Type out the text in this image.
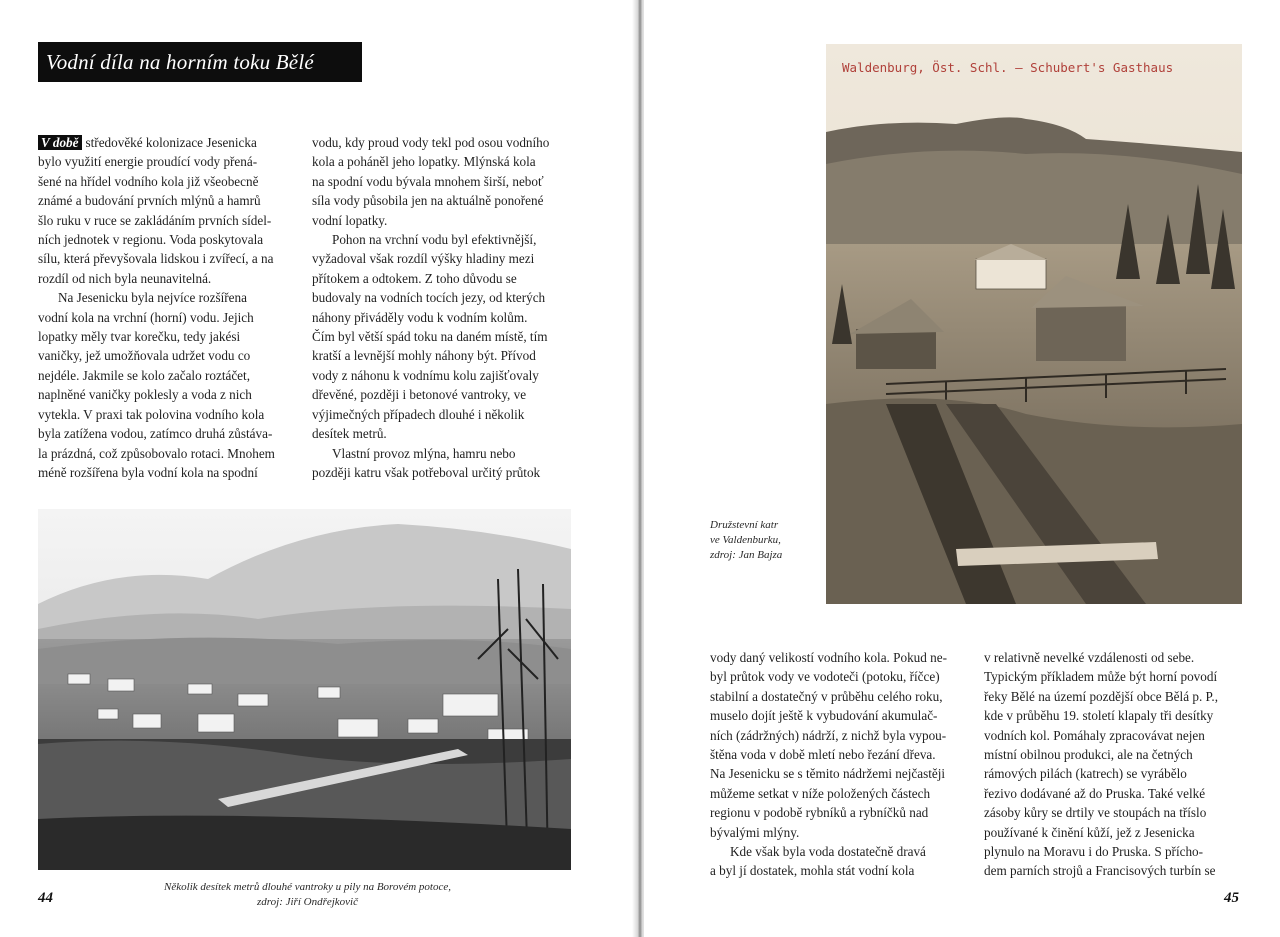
Vodní díla na horním toku Bělé

V době středověké kolonizace Jesenicka
bylo využití energie proudící vody přená-
šené na hřídel vodního kola již všeobecně
známé a budování prvních mlýnů a hamrů
šlo ruku v ruce se zakládáním prvních sídel-
ních jednotek v regionu. Voda poskytovala
sílu, která převyšovala lidskou i zvířecí, a na
rozdíl od nich byla neunavitelná.

Na Jesenicku byla nejvíce rozšířena
vodní kola na vrchní (horní) vodu. Jejich
lopatky měly tvar korečku, tedy jakési
vaničky, jež umožňovala udržet vodu co
nejdéle. Jakmile se kolo začalo roztáčet,
naplněné vaničky poklesly a voda z nich
vytekla. V praxi tak polovina vodního kola
byla zatížena vodou, zatímco druhá zůstáva-
la prázdná, což způsobovalo rotaci. Mnohem
méně rozšířena byla vodní kola na spodní

vodu, kdy proud vody tekl pod osou vodního
kola a poháněl jeho lopatky. Mlýnská kola
na spodní vodu bývala mnohem širší, neboť
síla vody působila jen na aktuálně ponořené
vodní lopatky.

Pohon na vrchní vodu byl efektivnější,
vyžadoval však rozdíl výšky hladiny mezi
přítokem a odtokem. Z toho důvodu se
budovaly na vodních tocích jezy, od kterých
náhony přiváděly vodu k vodním kolům.
Čím byl větší spád toku na daném místě, tím
kratší a levnější mohly náhony být. Přívod
vody z náhonu k vodnímu kolu zajišťovaly
dřevěné, později i betonové vantroky, ve
výjimečných případech dlouhé i několik
desítek metrů.

Vlastní provoz mlýna, hamru nebo
později katru však potřeboval určitý průtok

Několik desítek metrů dlouhé vantroky u pily na Borovém potoce,
zdroj: Jiří Ondřejkovič
44
Waldenburg, Öst. Schl. – Schubert's Gasthaus
Družstevní katr
ve Valdenburku,
zdroj: Jan Bajza

vody daný velikostí vodního kola. Pokud ne-
byl průtok vody ve vodoteči (potoku, říčce)
stabilní a dostatečný v průběhu celého roku,
muselo dojít ještě k vybudování akumulač-
ních (zádržných) nádrží, z nichž byla vypou-
štěna voda v době mletí nebo řezání dřeva.
Na Jesenicku se s těmito nádržemi nejčastěji
můžeme setkat v níže položených částech
regionu v podobě rybníků a rybníčků nad
bývalými mlýny.

Kde však byla voda dostatečně dravá
a byl jí dostatek, mohla stát vodní kola

v relativně nevelké vzdálenosti od sebe.
Typickým příkladem může být horní povodí
řeky Bělé na území pozdější obce Bělá p. P.,
kde v průběhu 19. století klapaly tři desítky
vodních kol. Pomáhaly zpracovávat nejen
místní obilnou produkci, ale na četných
rámových pilách (katrech) se vyrábělo
řezivo dodávané až do Pruska. Také velké
zásoby kůry se drtily ve stoupách na tříslo
používané k činění kůží, jež z Jesenicka
plynulo na Moravu i do Pruska. S přícho-
dem parních strojů a Francisových turbín se

45
